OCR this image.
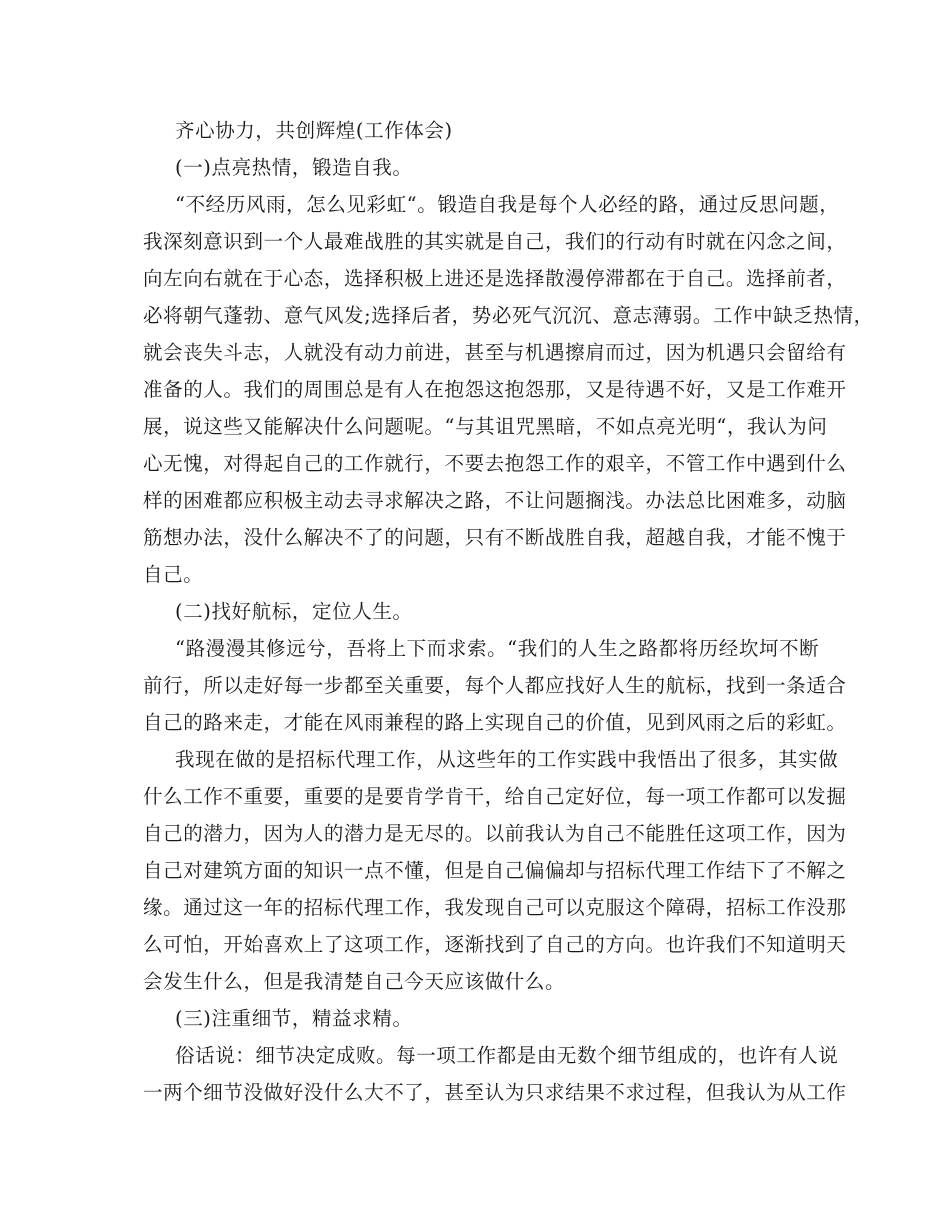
齐心协力，共创辉煌(工作体会)
(一)点亮热情，锻造自我。
“不经历风雨，怎么见彩虹“。锻造自我是每个人必经的路，通过反思问题，
我深刻意识到一个人最难战胜的其实就是自己，我们的行动有时就在闪念之间，
向左向右就在于心态，选择积极上进还是选择散漫停滞都在于自己。选择前者，
必将朝气蓬勃、意气风发;选择后者，势必死气沉沉、意志薄弱。工作中缺乏热情，
就会丧失斗志，人就没有动力前进，甚至与机遇擦肩而过，因为机遇只会留给有
准备的人。我们的周围总是有人在抱怨这抱怨那，又是待遇不好，又是工作难开
展，说这些又能解决什么问题呢。“与其诅咒黑暗，不如点亮光明“，我认为问
心无愧，对得起自己的工作就行，不要去抱怨工作的艰辛，不管工作中遇到什么
样的困难都应积极主动去寻求解决之路，不让问题搁浅。办法总比困难多，动脑
筋想办法，没什么解决不了的问题，只有不断战胜自我，超越自我，才能不愧于
自己。
(二)找好航标，定位人生。
“路漫漫其修远兮，吾将上下而求索。“我们的人生之路都将历经坎坷不断
前行，所以走好每一步都至关重要，每个人都应找好人生的航标，找到一条适合
自己的路来走，才能在风雨兼程的路上实现自己的价值，见到风雨之后的彩虹。
我现在做的是招标代理工作，从这些年的工作实践中我悟出了很多，其实做
什么工作不重要，重要的是要肯学肯干，给自己定好位，每一项工作都可以发掘
自己的潜力，因为人的潜力是无尽的。以前我认为自己不能胜任这项工作，因为
自己对建筑方面的知识一点不懂，但是自己偏偏却与招标代理工作结下了不解之
缘。通过这一年的招标代理工作，我发现自己可以克服这个障碍，招标工作没那
么可怕，开始喜欢上了这项工作，逐渐找到了自己的方向。也许我们不知道明天
会发生什么，但是我清楚自己今天应该做什么。
(三)注重细节，精益求精。
俗话说：细节决定成败。每一项工作都是由无数个细节组成的，也许有人说
一两个细节没做好没什么大不了，甚至认为只求结果不求过程，但我认为从工作
